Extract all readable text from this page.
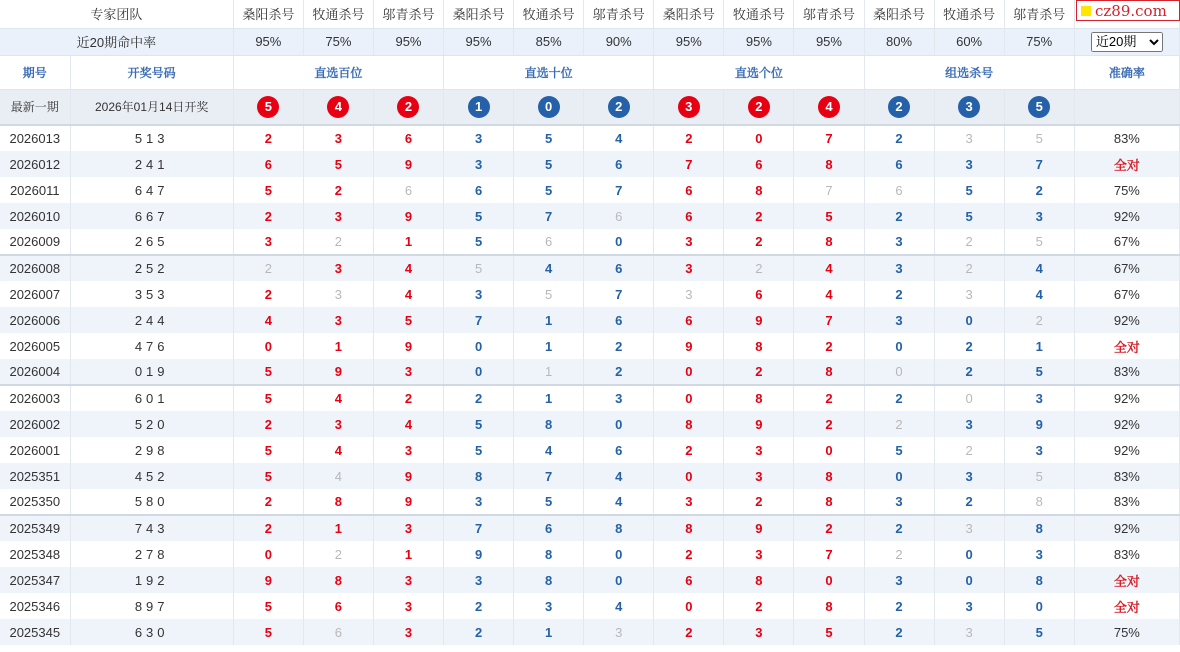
专家团队		桑阳杀号	牧通杀号	邬青杀号	桑阳杀号	牧通杀号	邬青杀号	桑阳杀号	牧通杀号	邬青杀号	桑阳杀号	牧通杀号	邬青杀号	
近20期命中率		95%	75%	95%	95%	85%	90%	95%	95%	95%	80%	60%	75%	
近20期
期号	开奖号码	直选百位			直选十位			直选个位			组选杀号			准确率
最新一期	2026年01月14日开奖	5	4	2	1	0	2	3	2	4	2	3	5	
2026013	513	2	3	6	3	5	4	2	0	7	2	3	5	83%
2026012	241	6	5	9	3	5	6	7	6	8	6	3	7	全对
2026011	647	5	2	6	6	5	7	6	8	7	6	5	2	75%
2026010	667	2	3	9	5	7	6	6	2	5	2	5	3	92%
2026009	265	3	2	1	5	6	0	3	2	8	3	2	5	67%
2026008	252	2	3	4	5	4	6	3	2	4	3	2	4	67%
2026007	353	2	3	4	3	5	7	3	6	4	2	3	4	67%
2026006	244	4	3	5	7	1	6	6	9	7	3	0	2	92%
2026005	476	0	1	9	0	1	2	9	8	2	0	2	1	全对
2026004	019	5	9	3	0	1	2	0	2	8	0	2	5	83%
2026003	601	5	4	2	2	1	3	0	8	2	2	0	3	92%
2026002	520	2	3	4	5	8	0	8	9	2	2	3	9	92%
2026001	298	5	4	3	5	4	6	2	3	0	5	2	3	92%
2025351	452	5	4	9	8	7	4	0	3	8	0	3	5	83%
2025350	580	2	8	9	3	5	4	3	2	8	3	2	8	83%
2025349	743	2	1	3	7	6	8	8	9	2	2	3	8	92%
2025348	278	0	2	1	9	8	0	2	3	7	2	0	3	83%
2025347	192	9	8	3	3	8	0	6	8	0	3	0	8	全对
2025346	897	5	6	3	2	3	4	0	2	8	2	3	0	全对
2025345	630	5	6	3	2	1	3	2	3	5	2	3	5	75%
cz89.com
